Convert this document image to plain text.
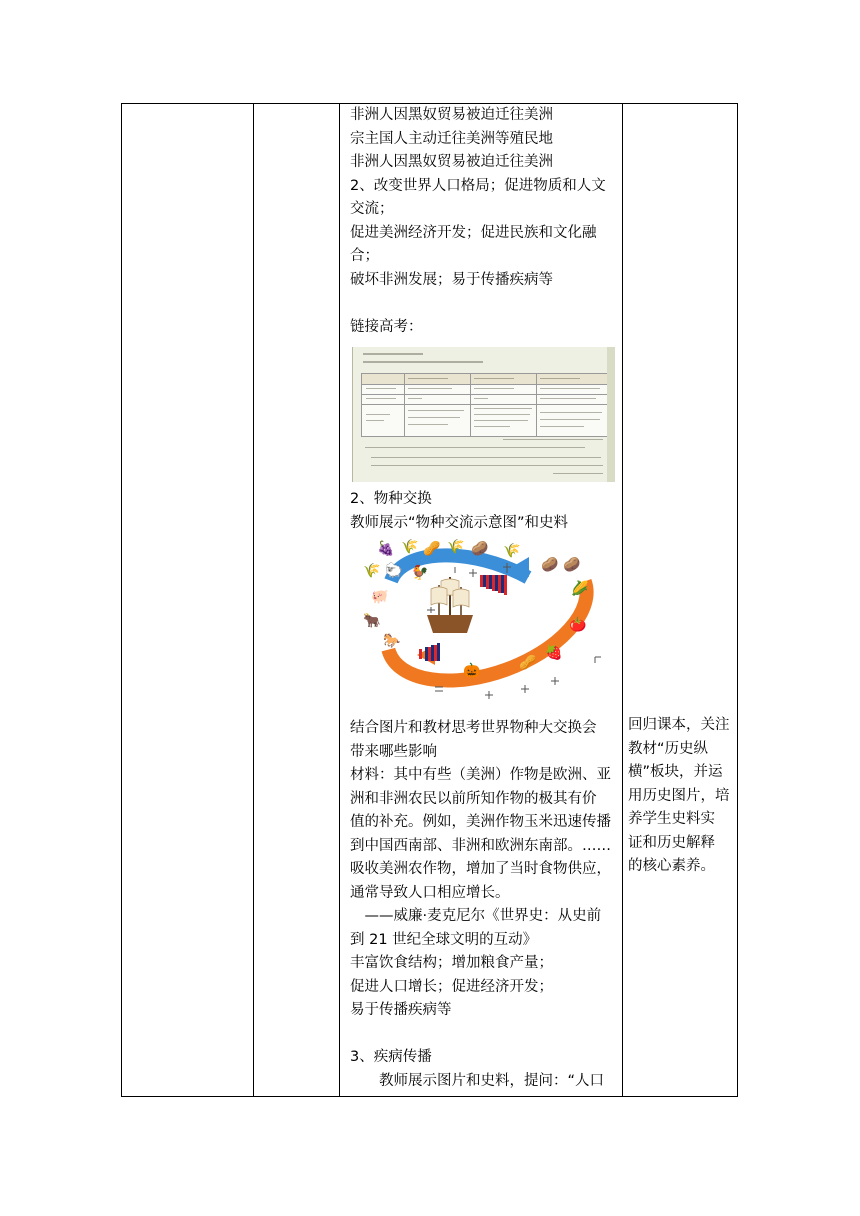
非洲人因黑奴贸易被迫迁往美洲

宗主国人主动迁往美洲等殖民地

非洲人因黑奴贸易被迫迁往美洲

2、改变世界人口格局；促进物质和人文

交流；

促进美洲经济开发；促进民族和文化融

合；

破坏非洲发展；易于传播疾病等

链接高考：

2、物种交换

教师展示“物种交流示意图”和史料

🍇 🌾 🥜 🌾 🥔 🌾
🌾 🐑 🐓	🥔 🥔
🌽
🐖
🐂	🍅
🐎
🍓
🥜
🎃

结合图片和教材思考世界物种大交换会

带来哪些影响

材料：其中有些（美洲）作物是欧洲、亚

洲和非洲农民以前所知作物的极其有价

值的补充。例如，美洲作物玉米迅速传播

到中国西南部、非洲和欧洲东南部。……

吸收美洲农作物，增加了当时食物供应，

通常导致人口相应增长。

　——威廉·麦克尼尔《世界史：从史前

到 21 世纪全球文明的互动》

丰富饮食结构；增加粮食产量；

促进人口增长；促进经济开发；

易于传播疾病等

3、疾病传播

　　教师展示图片和史料，提问：“人口

回归课本，关注

教材“历史纵

横”板块，并运

用历史图片，培

养学生史料实

证和历史解释

的核心素养。
